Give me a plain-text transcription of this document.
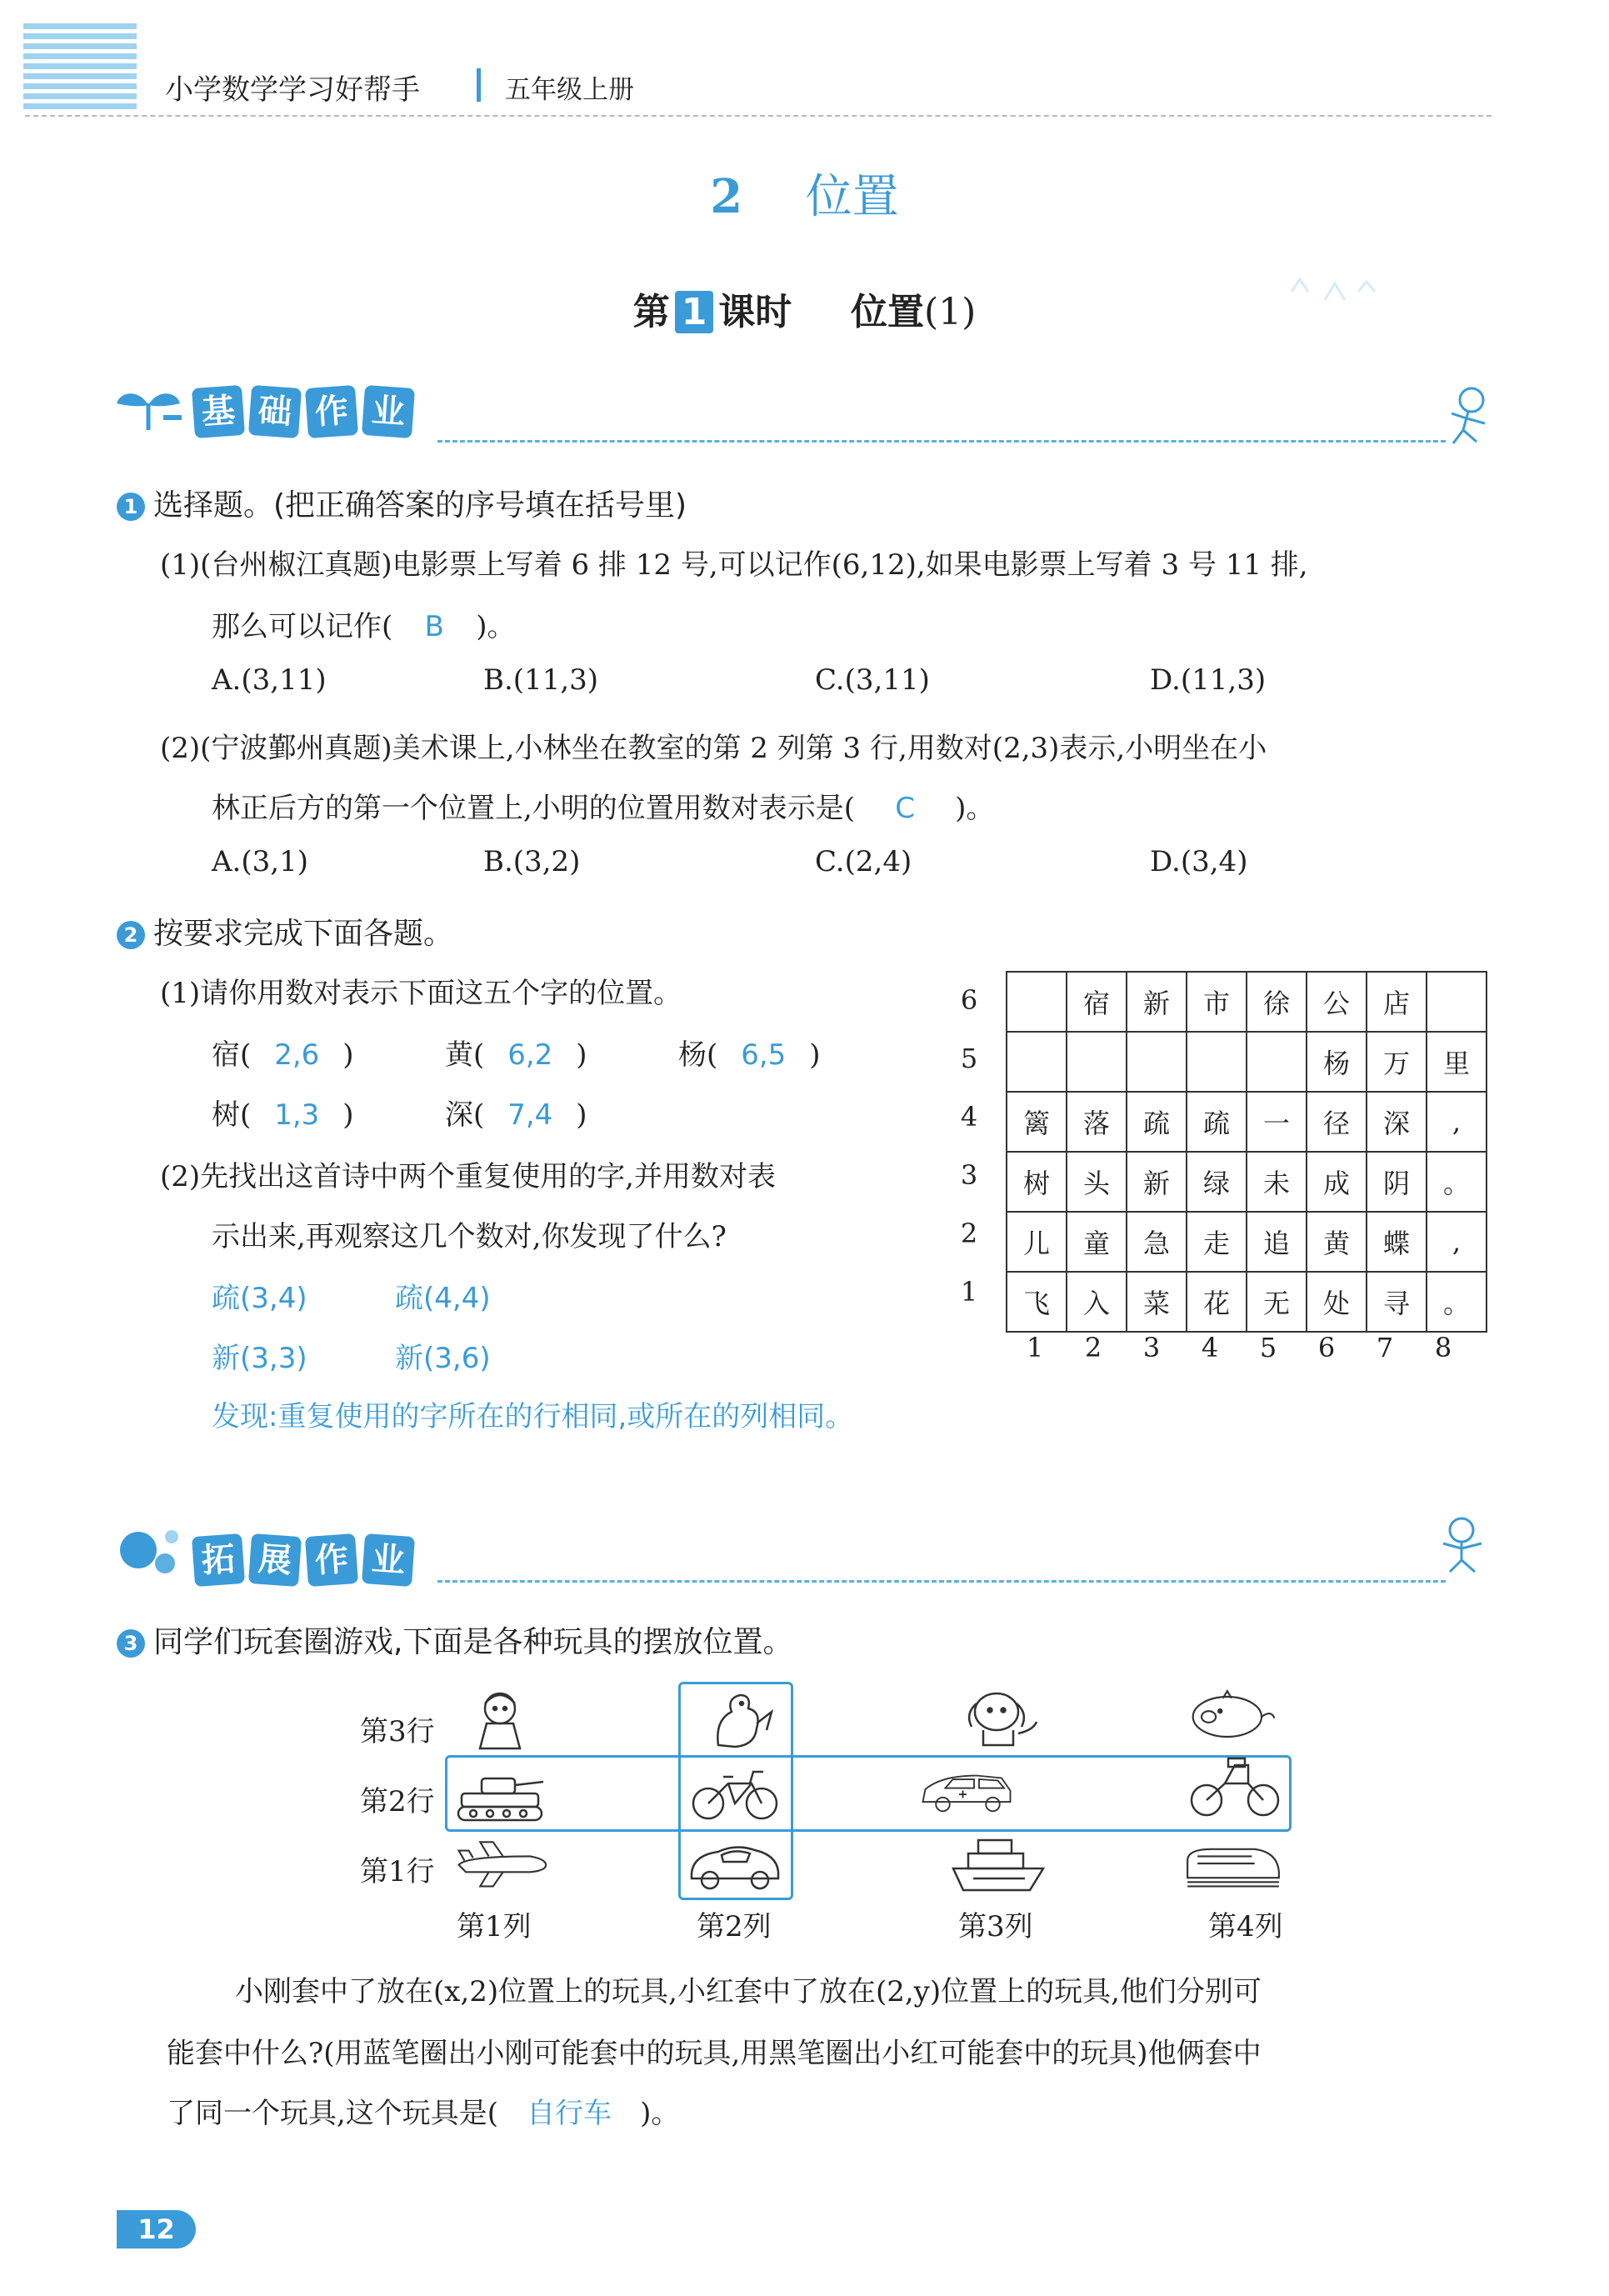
小学数学学习好帮手	五年级上册
2 位置
第 1 课时 位置(1)
基 础 作 业
1 选择题。(把正确答案的序号填在括号里)
(1)(台州椒江真题)电影票上写着 6 排 12 号,可以记作(6,12),如果电影票上写着 3 号 11 排,
那么可以记作( B )。
A.(3,11)	B.(11,3)	C.(3,11)	D.(11,3)
(2)(宁波鄞州真题)美术课上,小林坐在教室的第 2 列第 3 行,用数对(2,3)表示,小明坐在小
林正后方的第一个位置上,小明的位置用数对表示是( C )。
A.(3,1)	B.(3,2)	C.(2,4)	D.(3,4)
2 按要求完成下面各题。
(1)请你用数对表示下面这五个字的位置。
宿( 2,6 )	黄( 6,2 )	杨( 6,5 )
树( 1,3 )	深( 7,4 )
(2)先找出这首诗中两个重复使用的字,并用数对表
示出来,再观察这几个数对,你发现了什么?
疏(3,4)	疏(4,4)
新(3,3)	新(3,6)
发现:重复使用的字所在的行相同,或所在的列相同。
6
5
4
3
2
1
	宿	新	市	徐	公	店	
					杨	万	里
篱	落	疏	疏	一	径	深	,
树	头	新	绿	未	成	阴	。
儿	童	急	走	追	黄	蝶	,
飞	入	菜	花	无	处	寻	。
1	2	3	4	5	6	7	8
拓 展 作 业
3 同学们玩套圈游戏,下面是各种玩具的摆放位置。
第3行
第2行
第1行
第1列	第2列	第3列	第4列
小刚套中了放在(x,2)位置上的玩具,小红套中了放在(2,y)位置上的玩具,他们分别可
能套中什么?(用蓝笔圈出小刚可能套中的玩具,用黑笔圈出小红可能套中的玩具)他俩套中
了同一个玩具,这个玩具是( 自行车 )。
12
